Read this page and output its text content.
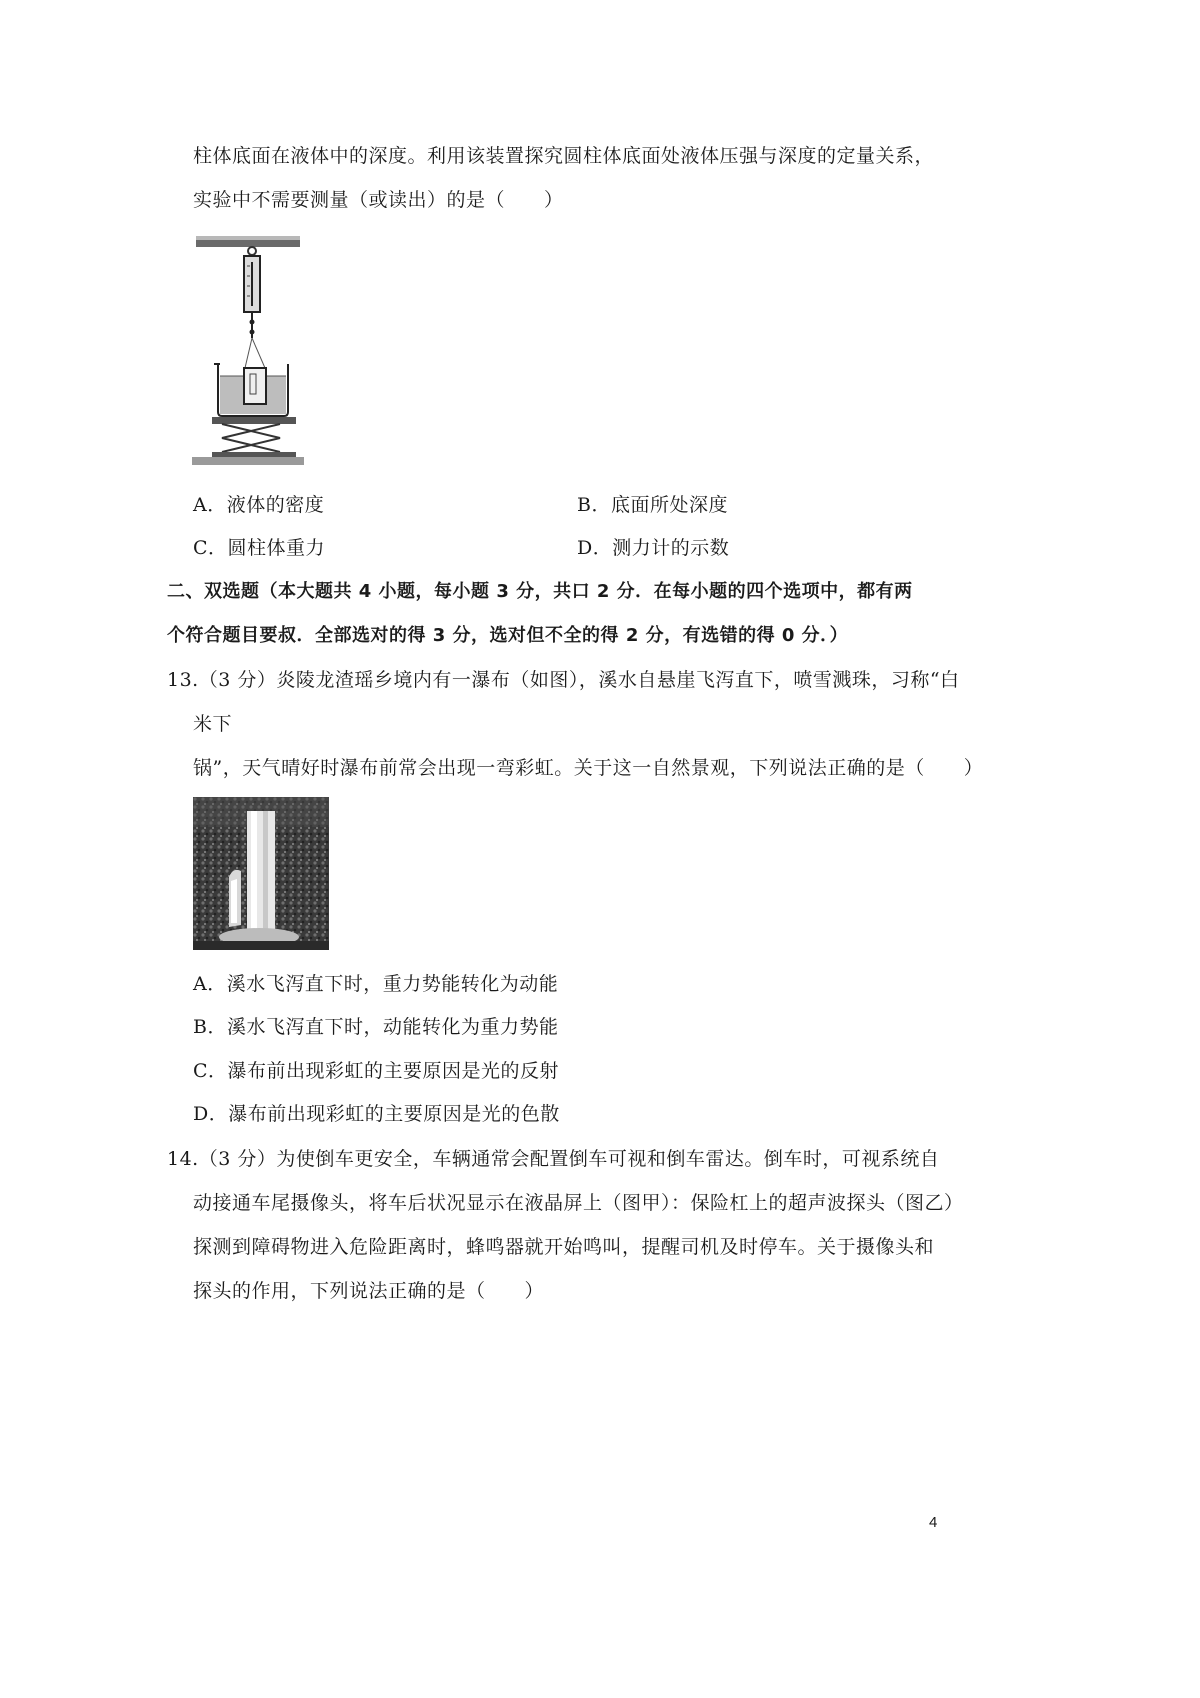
柱体底面在液体中的深度。利用该装置探究圆柱体底面处液体压强与深度的定量关系，
实验中不需要测量（或读出）的是（　　）
A．液体的密度	B．底面所处深度
C．圆柱体重力	D．测力计的示数
二、双选题（本大题共 4 小题，每小题 3 分，共口 2 分．在每小题的四个选项中，都有两
个符合题目要叔．全部选对的得 3 分，选对但不全的得 2 分，有选错的得 0 分．）
13.（3 分）炎陵龙渣瑶乡境内有一瀑布（如图），溪水自悬崖飞泻直下，喷雪溅珠，习称“白
米下
锅”，天气晴好时瀑布前常会出现一弯彩虹。关于这一自然景观，下列说法正确的是（　　）
A．溪水飞泻直下时，重力势能转化为动能
B．溪水飞泻直下时，动能转化为重力势能
C．瀑布前出现彩虹的主要原因是光的反射
D．瀑布前出现彩虹的主要原因是光的色散
14.（3 分）为使倒车更安全，车辆通常会配置倒车可视和倒车雷达。倒车时，可视系统自
动接通车尾摄像头，将车后状况显示在液晶屏上（图甲）：保险杠上的超声波探头（图乙）
探测到障碍物进入危险距离时，蜂鸣器就开始鸣叫，提醒司机及时停车。关于摄像头和
探头的作用，下列说法正确的是（　　）
4
